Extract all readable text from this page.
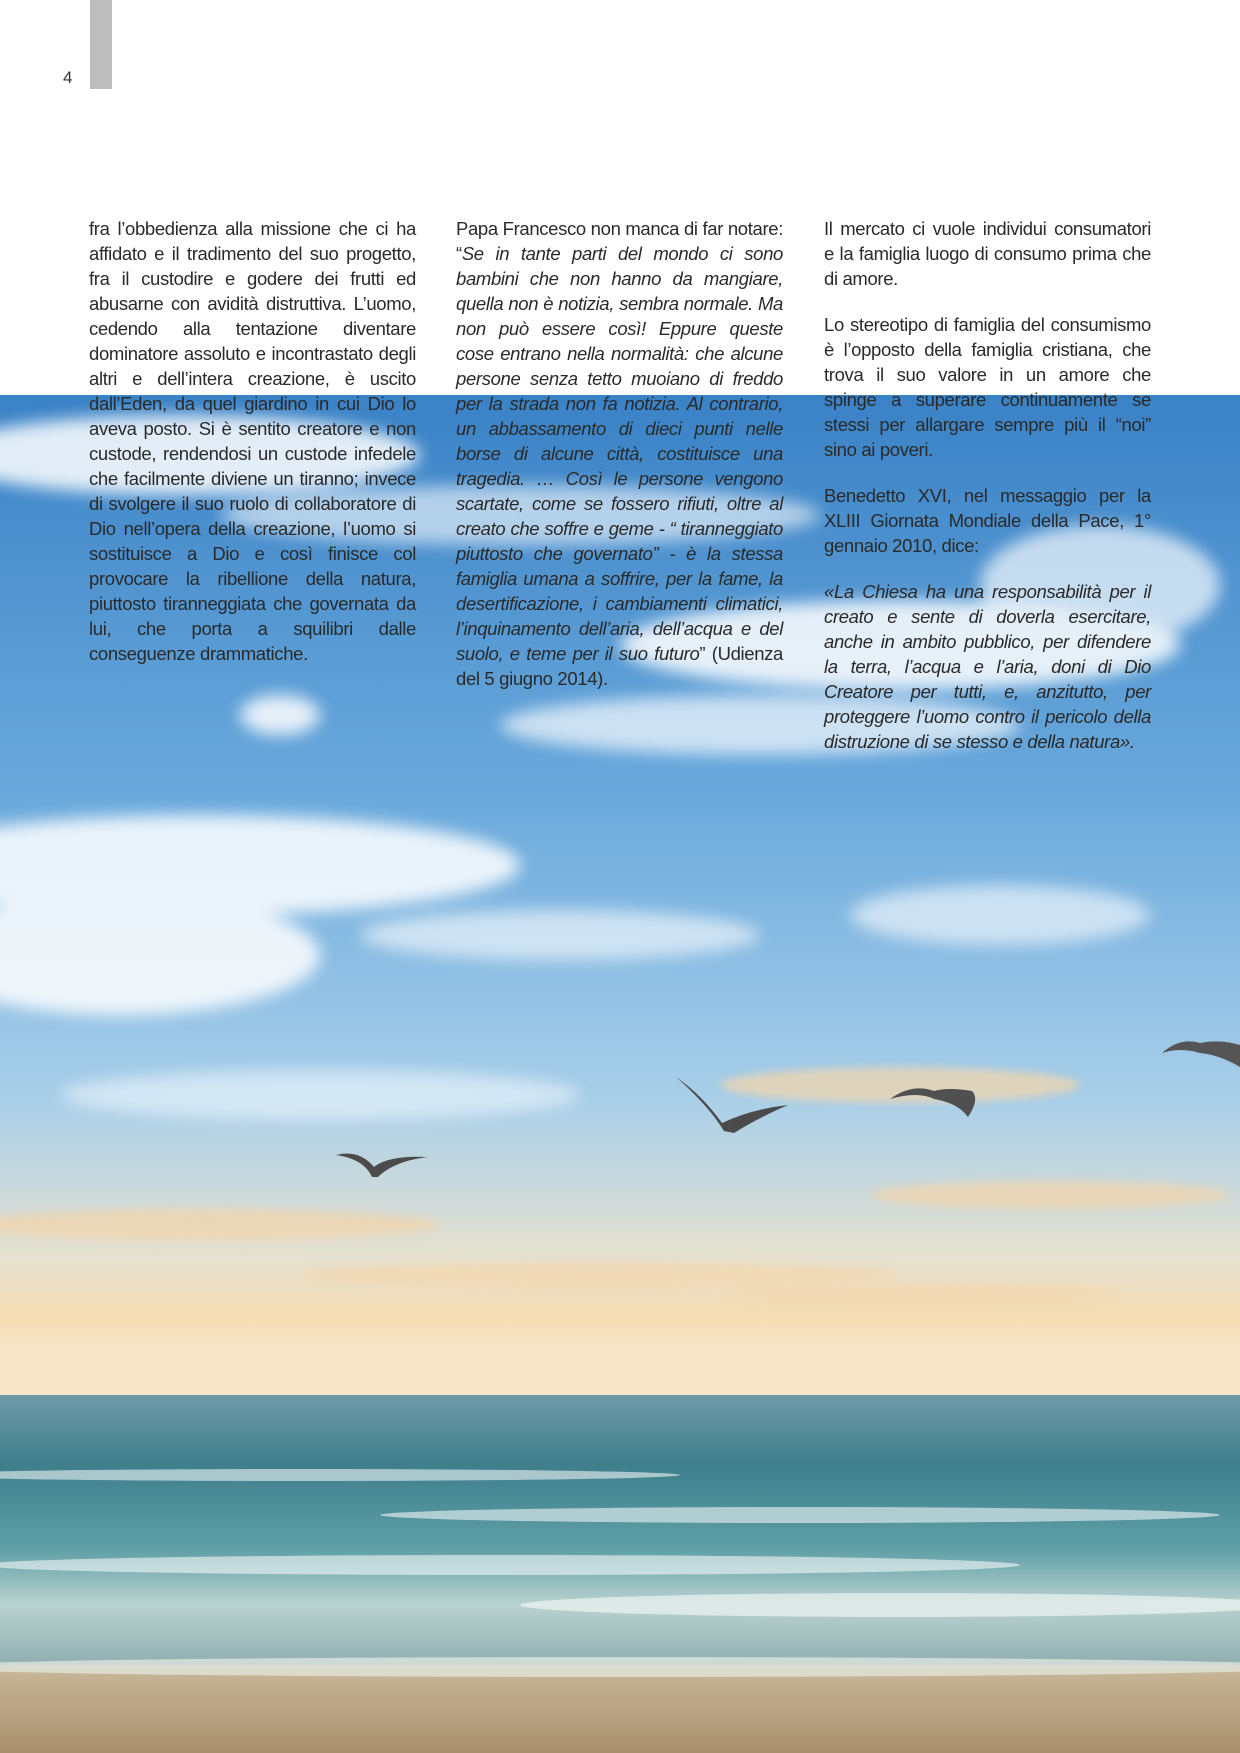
4

fra l’obbedienza alla missione che ci ha affidato e il tradimento del suo progetto, fra il custodire e godere dei frutti ed abusarne con avidità distruttiva. L’uomo, cedendo alla tentazione diventare dominatore assoluto e incontrastato degli altri e dell’intera creazione, è uscito dall’Eden, da quel giardino in cui Dio lo aveva posto. Si è sentito creatore e non custode, rendendosi un custode infedele che facilmente diviene un tiranno; invece di svolgere il suo ruolo di collaboratore di Dio nell’opera della creazione, l’uomo si sostituisce a Dio e così finisce col provocare la ribellione della natura, piuttosto tiranneggiata che governata da lui, che porta a squilibri dalle conseguenze drammatiche.

Papa Francesco non manca di far notare: “Se in tante parti del mondo ci sono bambini che non hanno da mangiare, quella non è notizia, sembra normale. Ma non può essere così! Eppure queste cose entrano nella normalità: che alcune persone senza tetto muoiano di freddo per la strada non fa notizia. Al contrario, un abbassamento di dieci punti nelle borse di alcune città, costituisce una tragedia. … Così le persone vengono scartate, come se fossero rifiuti, oltre al creato che soffre e geme - “ tiranneggiato piuttosto che governato” - è la stessa famiglia umana a soffrire, per la fame, la desertificazione, i cambiamenti climatici, l’inquinamento dell’aria, dell’acqua e del suolo, e teme per il suo futuro” (Udienza del 5 giugno 2014).

Il mercato ci vuole individui consumatori e la famiglia luogo di consumo prima che di amore.

Lo stereotipo di famiglia del consumismo è l’opposto della famiglia cristiana, che trova il suo valore in un amore che spinge a superare continuamente se stessi per allargare sempre più il “noi” sino ai poveri.

Benedetto XVI, nel messaggio per la XLIII Giornata Mondiale della Pace, 1° gennaio 2010, dice:

«La Chiesa ha una responsabilità per il creato e sente di doverla esercitare, anche in ambito pubblico, per difendere la terra, l’acqua e l’aria, doni di Dio Creatore per tutti, e, anzitutto, per proteggere l’uomo contro il pericolo della distruzione di se stesso e della natura».
